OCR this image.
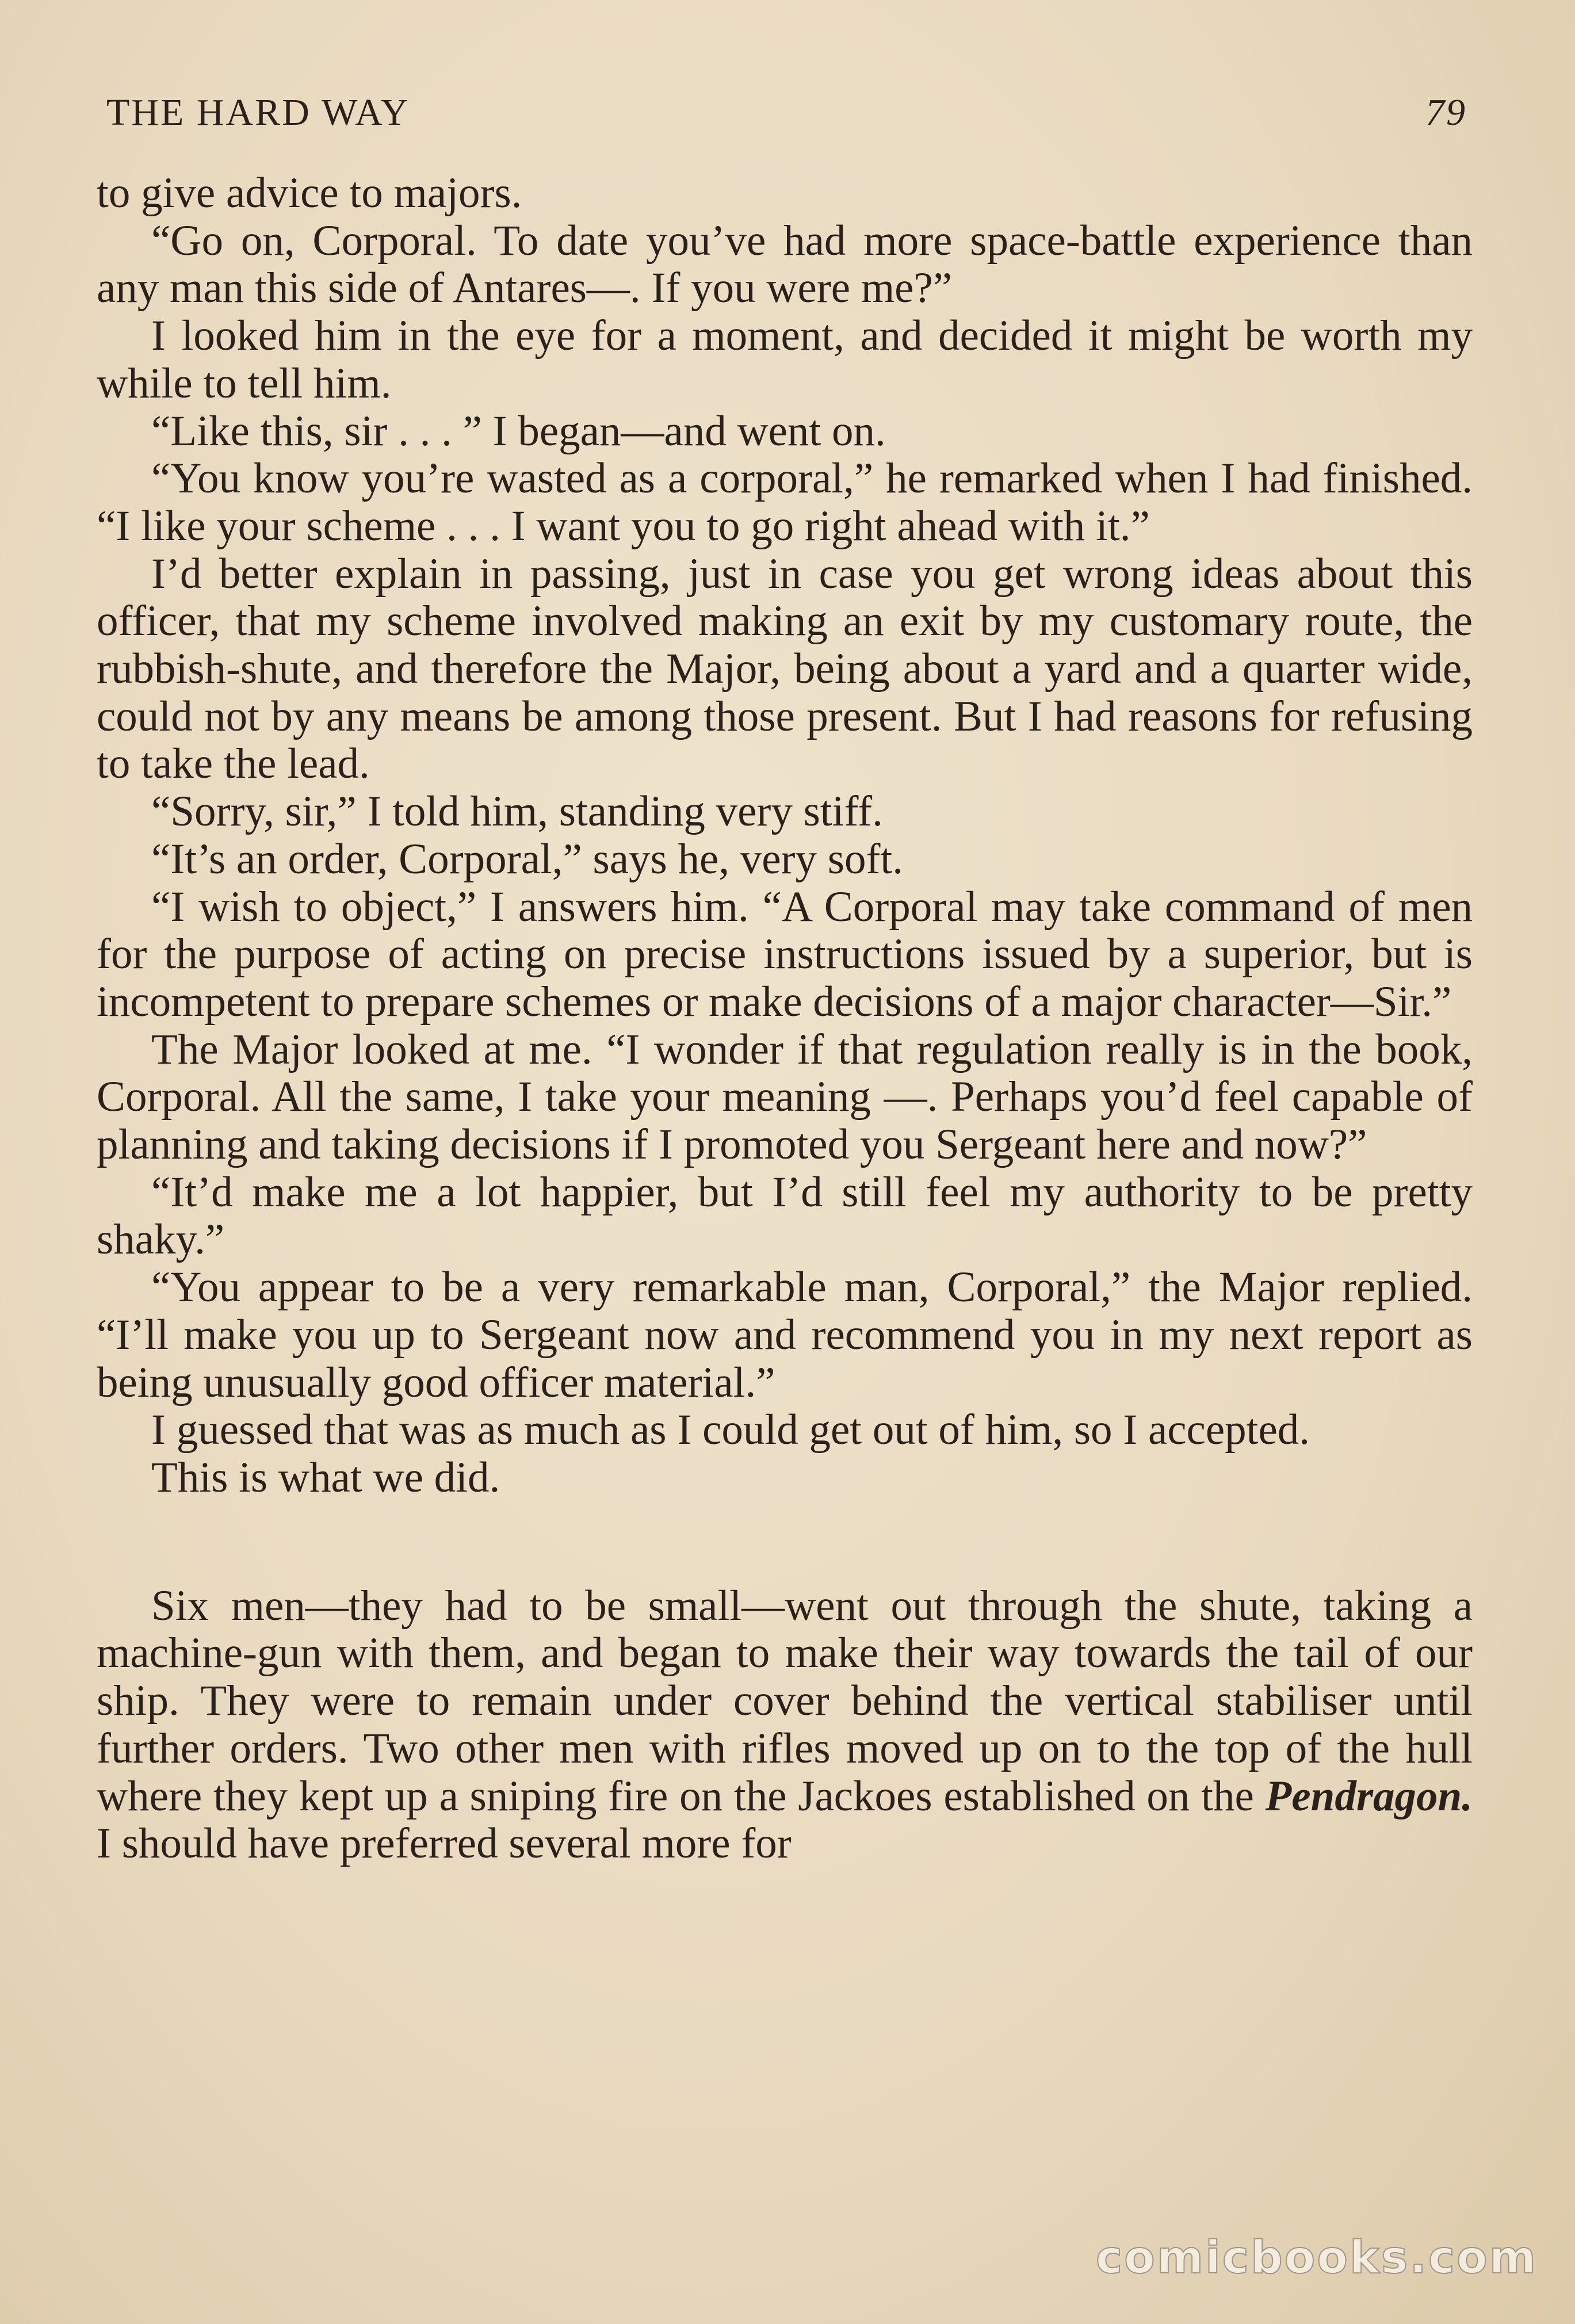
THE HARD WAY	79

to give advice to majors.

“Go on, Corporal. To date you’ve had more space-battle experience than any man this side of Antares—. If you were me?”

I looked him in the eye for a moment, and decided it might be worth my while to tell him.

“Like this, sir . . . ” I began—and went on.

“You know you’re wasted as a corporal,” he remarked when I had finished. “I like your scheme . . . I want you to go right ahead with it.”

I’d better explain in passing, just in case you get wrong ideas about this officer, that my scheme involved making an exit by my customary route, the rubbish-shute, and therefore the Major, being about a yard and a quarter wide, could not by any means be among those present. But I had reasons for refusing to take the lead.

“Sorry, sir,” I told him, standing very stiff.

“It’s an order, Corporal,” says he, very soft.

“I wish to object,” I answers him. “A Corporal may take command of men for the purpose of acting on precise instructions issued by a superior, but is incompetent to prepare schemes or make decisions of a major character—Sir.”

The Major looked at me. “I wonder if that regulation really is in the book, Corporal. All the same, I take your meaning —. Perhaps you’d feel capable of planning and taking decisions if I promoted you Sergeant here and now?”

“It’d make me a lot happier, but I’d still feel my authority to be pretty shaky.”

“You appear to be a very remarkable man, Corporal,” the Major replied. “I’ll make you up to Sergeant now and recommend you in my next report as being unusually good officer material.”

I guessed that was as much as I could get out of him, so I accepted.

This is what we did.

Six men—they had to be small—went out through the shute, taking a machine-gun with them, and began to make their way towards the tail of our ship. They were to remain under cover behind the vertical stabiliser until further orders. Two other men with rifles moved up on to the top of the hull where they kept up a sniping fire on the Jackoes established on the Pendragon. I should have preferred several more for

comicbooks.com
